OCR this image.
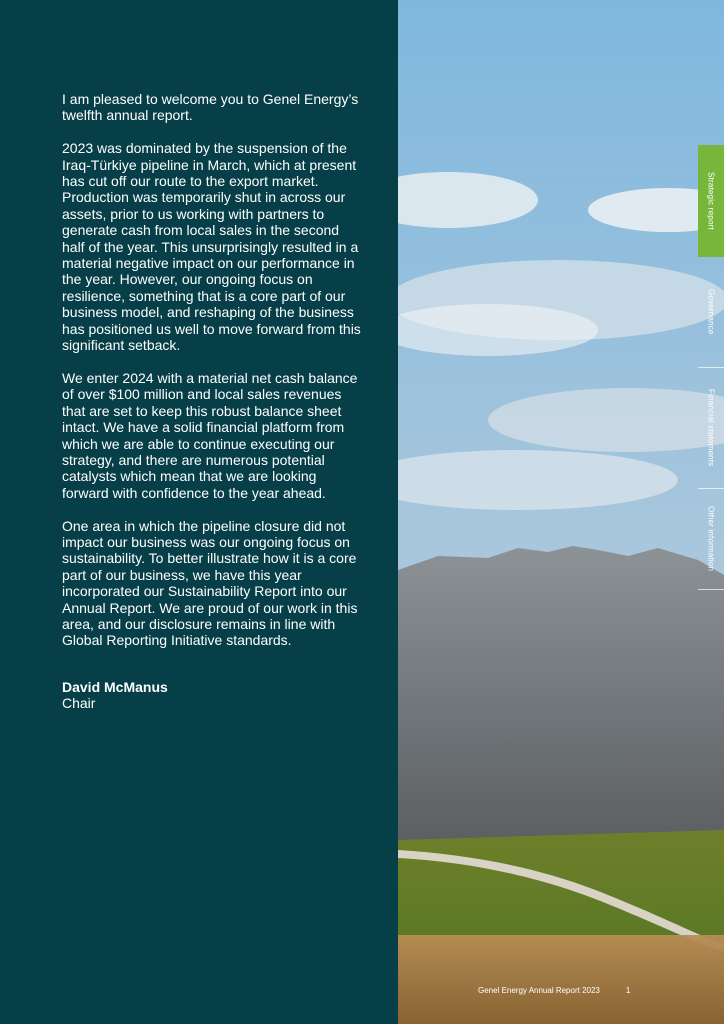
I am pleased to welcome you to Genel Energy’s twelfth annual report.

2023 was dominated by the suspension of the Iraq-Türkiye pipeline in March, which at present has cut off our route to the export market. Production was temporarily shut in across our assets, prior to us working with partners to generate cash from local sales in the second half of the year. This unsurprisingly resulted in a material negative impact on our performance in the year. However, our ongoing focus on resilience, something that is a core part of our business model, and reshaping of the business has positioned us well to move forward from this significant setback.

We enter 2024 with a material net cash balance of over $100 million and local sales revenues that are set to keep this robust balance sheet intact. We have a solid financial platform from which we are able to continue executing our strategy, and there are numerous potential catalysts which mean that we are looking forward with confidence to the year ahead.

One area in which the pipeline closure did not impact our business was our ongoing focus on sustainability. To better illustrate how it is a core part of our business, we have this year incorporated our Sustainability Report into our Annual Report. We are proud of our work in this area, and our disclosure remains in line with Global Reporting Initiative standards.

David McManus
Chair
Strategic report
Governance
Financial statements
Other information
Genel Energy Annual Report 2023	1
